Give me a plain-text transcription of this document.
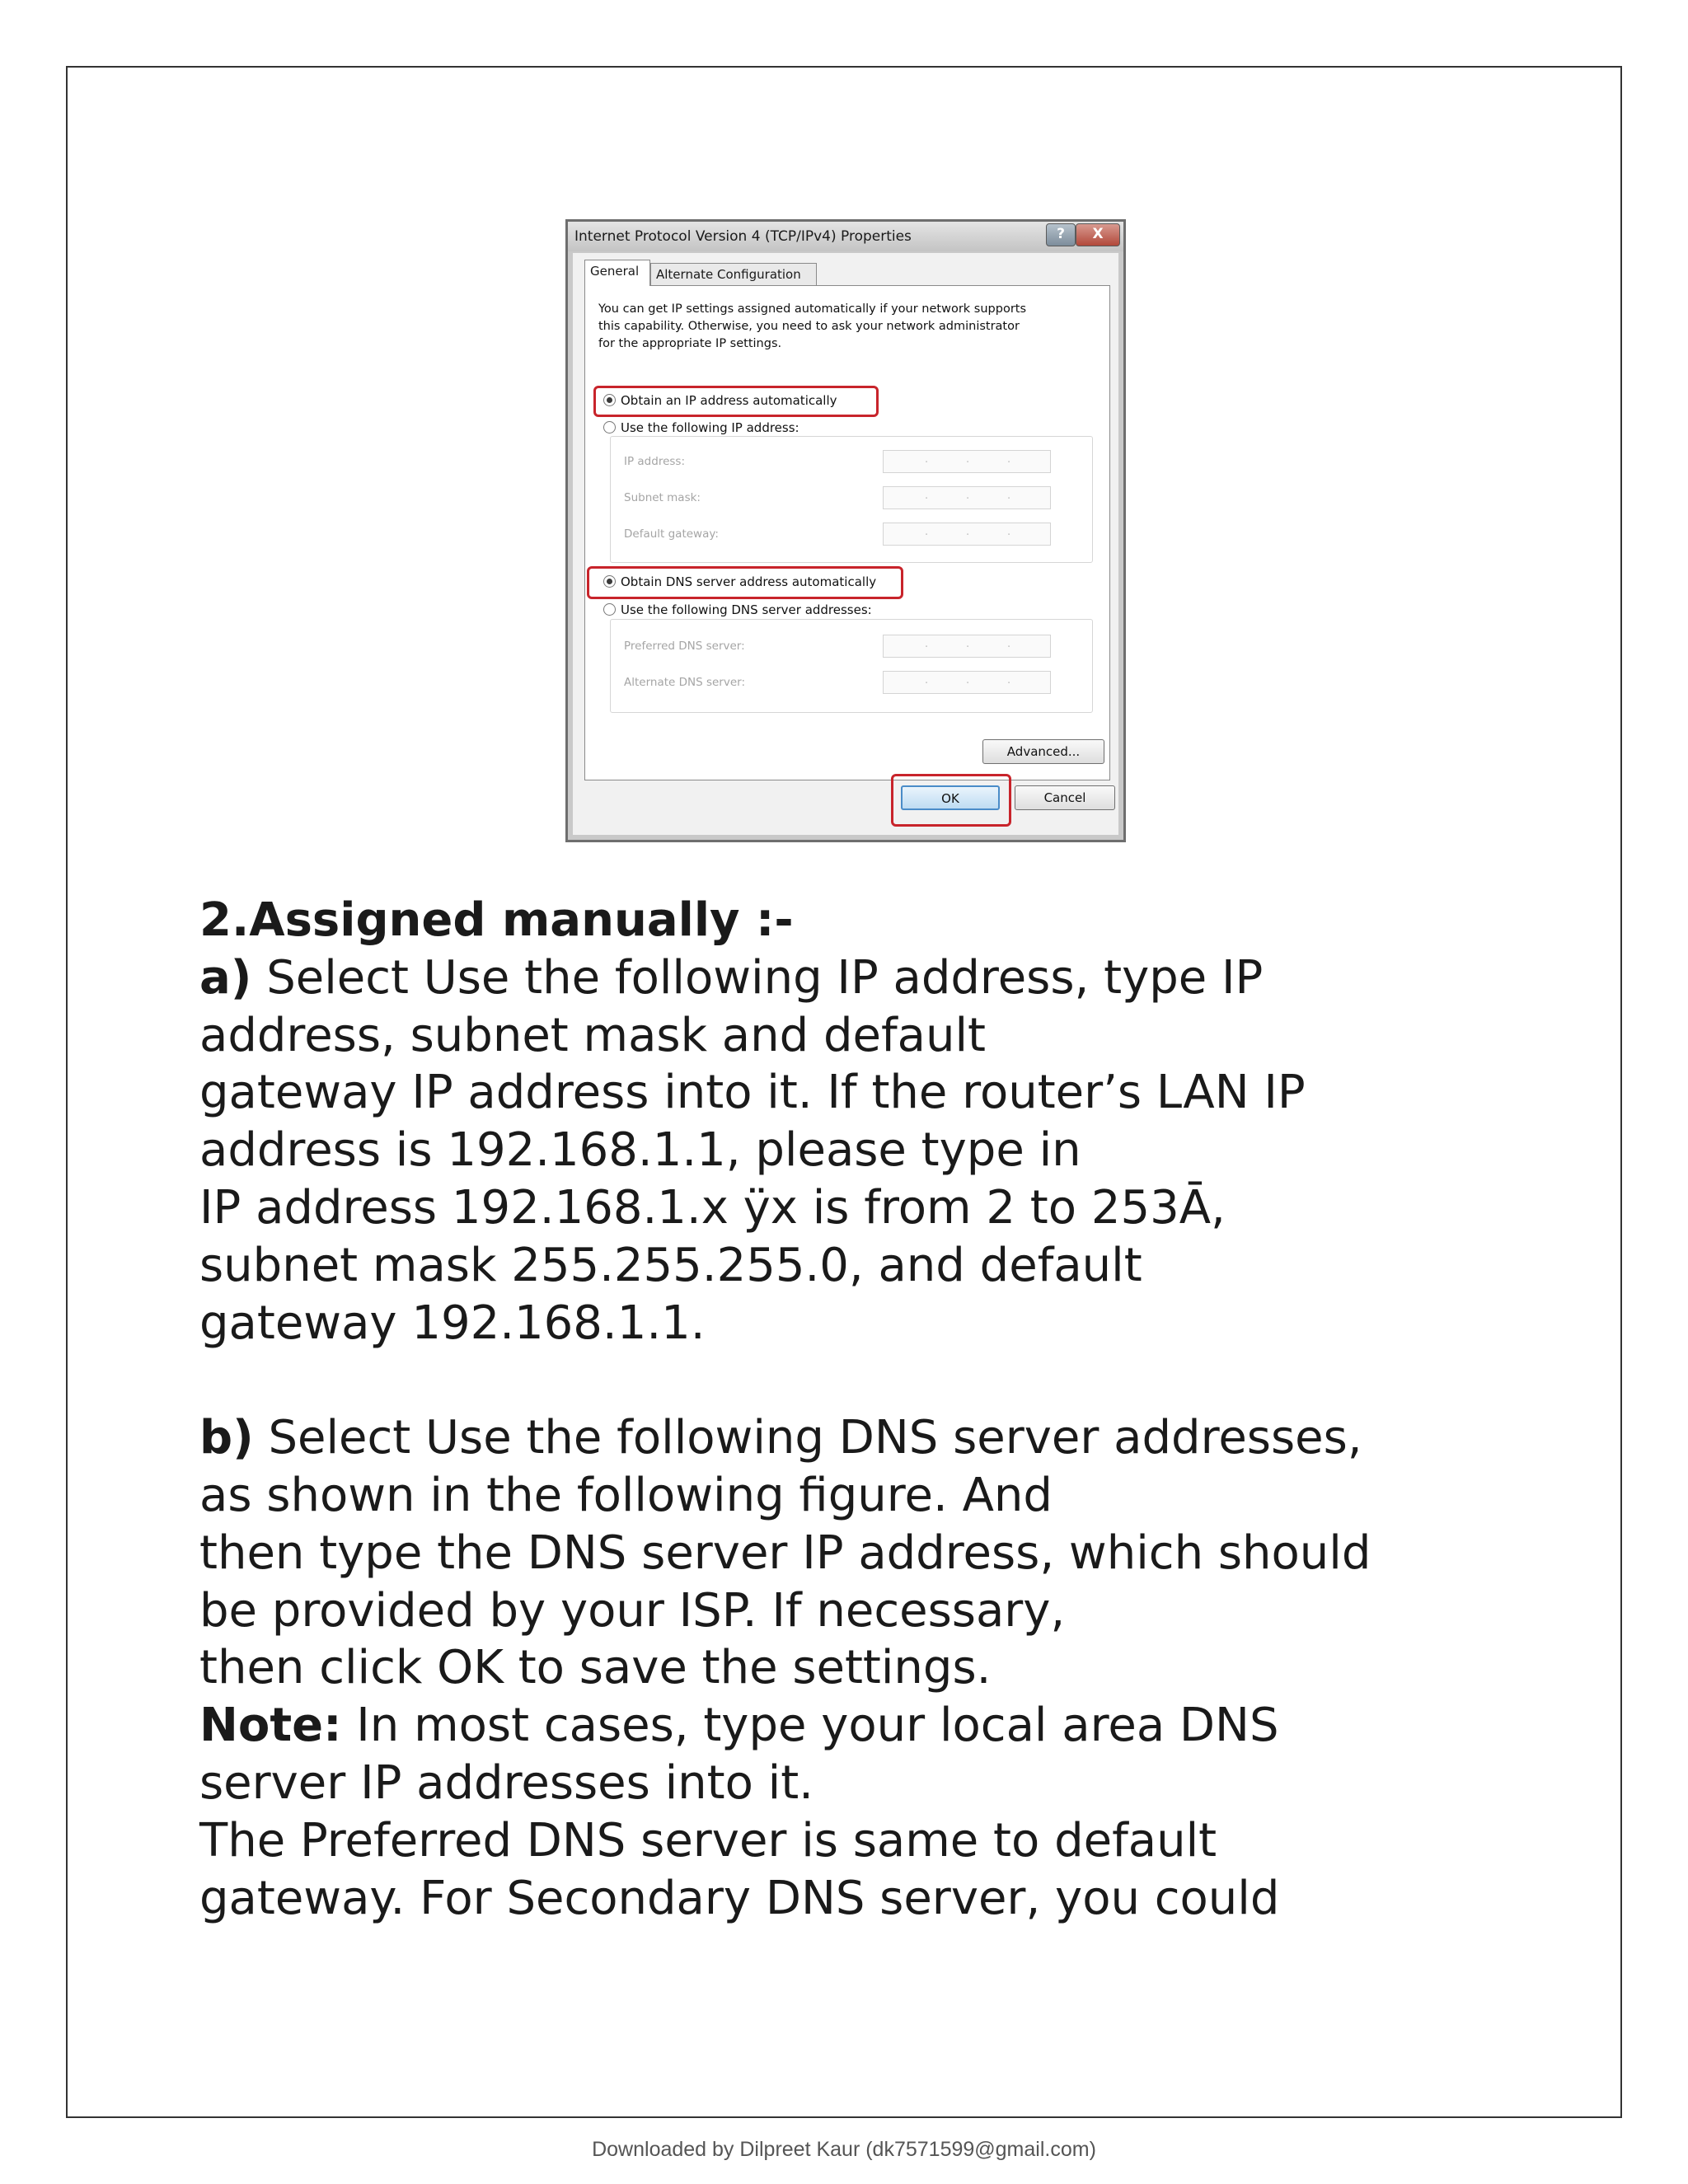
Internet Protocol Version 4 (TCP/IPv4) Properties	?	X
General	Alternate Configuration
You can get IP settings assigned automatically if your network supports
this capability. Otherwise, you need to ask your network administrator
for the appropriate IP settings.
Obtain an IP address automatically
Use the following IP address:
IP address:	.	.	.
Subnet mask:	.	.	.
Default gateway:	.	.	.
Obtain DNS server address automatically
Use the following DNS server addresses:
Preferred DNS server:	.	.	.
Alternate DNS server:	.	.	.
Advanced...
OK	Cancel

2.Assigned manually :-

a) Select Use the following IP address, type IP

address, subnet mask and default

gateway IP address into it. If the router’s LAN IP

address is 192.168.1.1, please type in

IP address 192.168.1.x ÿx is from 2 to 253Ā,

subnet mask 255.255.255.0, and default

gateway 192.168.1.1.

b) Select Use the following DNS server addresses,

as shown in the following figure. And

then type the DNS server IP address, which should

be provided by your ISP. If necessary,

then click OK to save the settings.

Note: In most cases, type your local area DNS

server IP addresses into it.

The Preferred DNS server is same to default

gateway. For Secondary DNS server, you could

Downloaded by Dilpreet Kaur (dk7571599@gmail.com)
